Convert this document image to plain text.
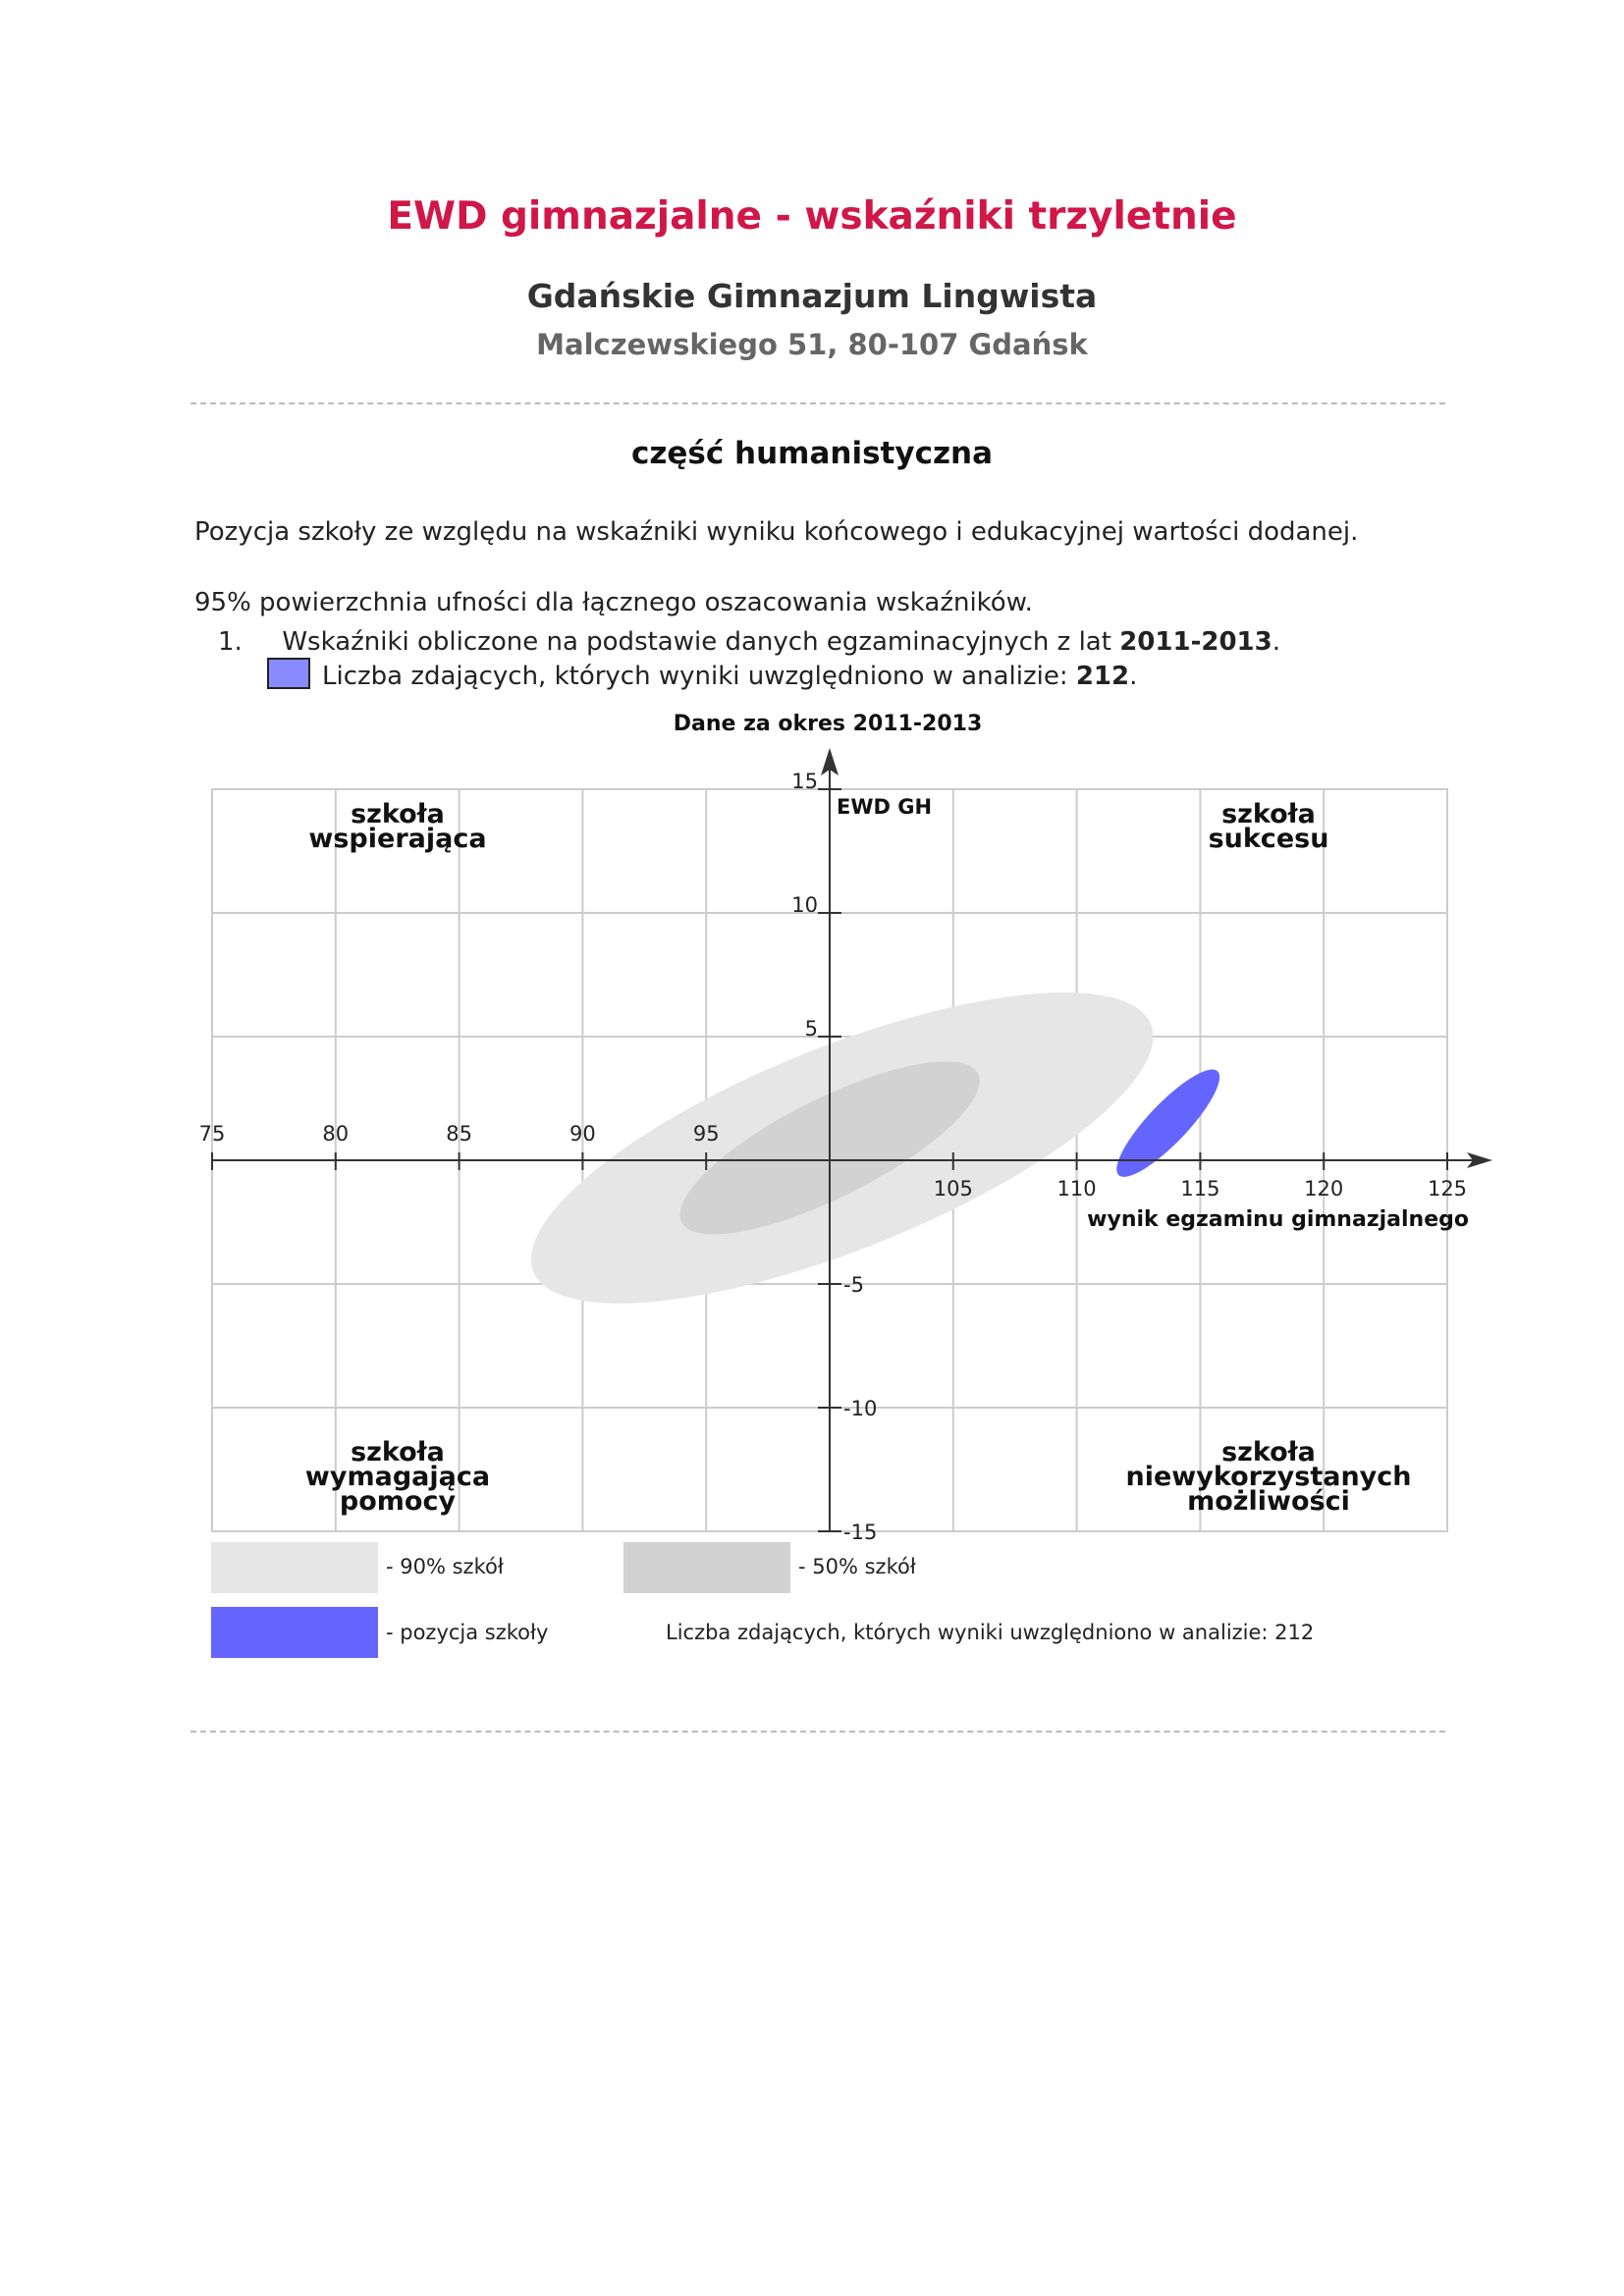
EWD gimnazjalne - wskaźniki trzyletnie
Gdańskie Gimnazjum Lingwista
Malczewskiego 51, 80-107 Gdańsk
część humanistyczna
Pozycja szkoły ze względu na wskaźniki wyniku końcowego i edukacyjnej wartości dodanej.
95% powierzchnia ufności dla łącznego oszacowania wskaźników.
1. Wskaźniki obliczone na podstawie danych egzaminacyjnych z lat 2011-2013.
Liczba zdających, których wyniki uwzględniono w analizie: 212.
Dane za okres 2011-2013
75	80	85	90	95
105	110	115	120	125
15
10
5
-5
-10
-15
szkoła
wspierająca
szkoła
sukcesu
szkoła
wymagająca
pomocy
szkoła
niewykorzystanych
możliwości
EWD GH
wynik egzaminu gimnazjalnego
- 90% szkół	- 50% szkół
- pozycja szkoły	Liczba zdających, których wyniki uwzględniono w analizie: 212
